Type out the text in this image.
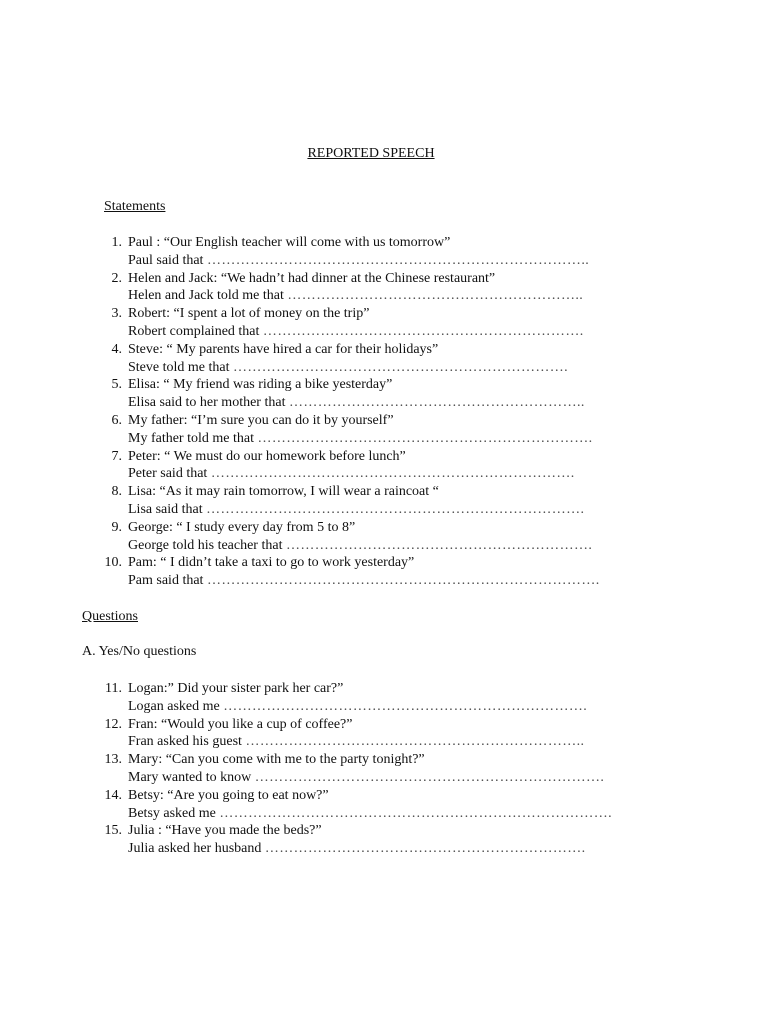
REPORTED SPEECH
Statements
1. Paul : “Our English teacher will come with us tomorrow”
Paul said that ……………………………………………………………………..
2. Helen and Jack: “We hadn’t had dinner at the Chinese restaurant”
Helen and Jack told me that ……………………………………………………..
3. Robert: “I spent a lot of money on the trip”
Robert complained that ………………………………………………………….
4. Steve: “ My parents have hired a car for their holidays”
Steve told me that …………………………………………………………….
5. Elisa: “ My friend was riding a bike yesterday”
Elisa said to her mother that ……………………………………………………..
6. My father: “I’m sure you can do it by yourself”
My father told me that …………………………………………………………….
7. Peter: “ We must do our homework before lunch”
Peter said that ………………………………………………………………….
8. Lisa: “As it may rain tomorrow, I will wear a raincoat “
Lisa said that …………………………………………………………………….
9. George: “ I study every day from 5 to 8”
George told his teacher that ……………………………………………………….
10. Pam: “ I didn’t take a taxi to go to work yesterday”
Pam said that ……………………………………………………………………….
Questions
A. Yes/No questions
11. Logan:” Did your sister park her car?”
Logan asked me ………………………………………………………………….
12. Fran: “Would you like a cup of coffee?”
Fran asked his guest ……………………………………………………………..
13. Mary: “Can you come with me to the party tonight?”
Mary wanted to know ……………………………………………………………….
14. Betsy: “Are you going to eat now?”
Betsy asked me ……………………………………………………………………….
15. Julia : “Have you made the beds?”
Julia asked her husband ………………………………………………………….
